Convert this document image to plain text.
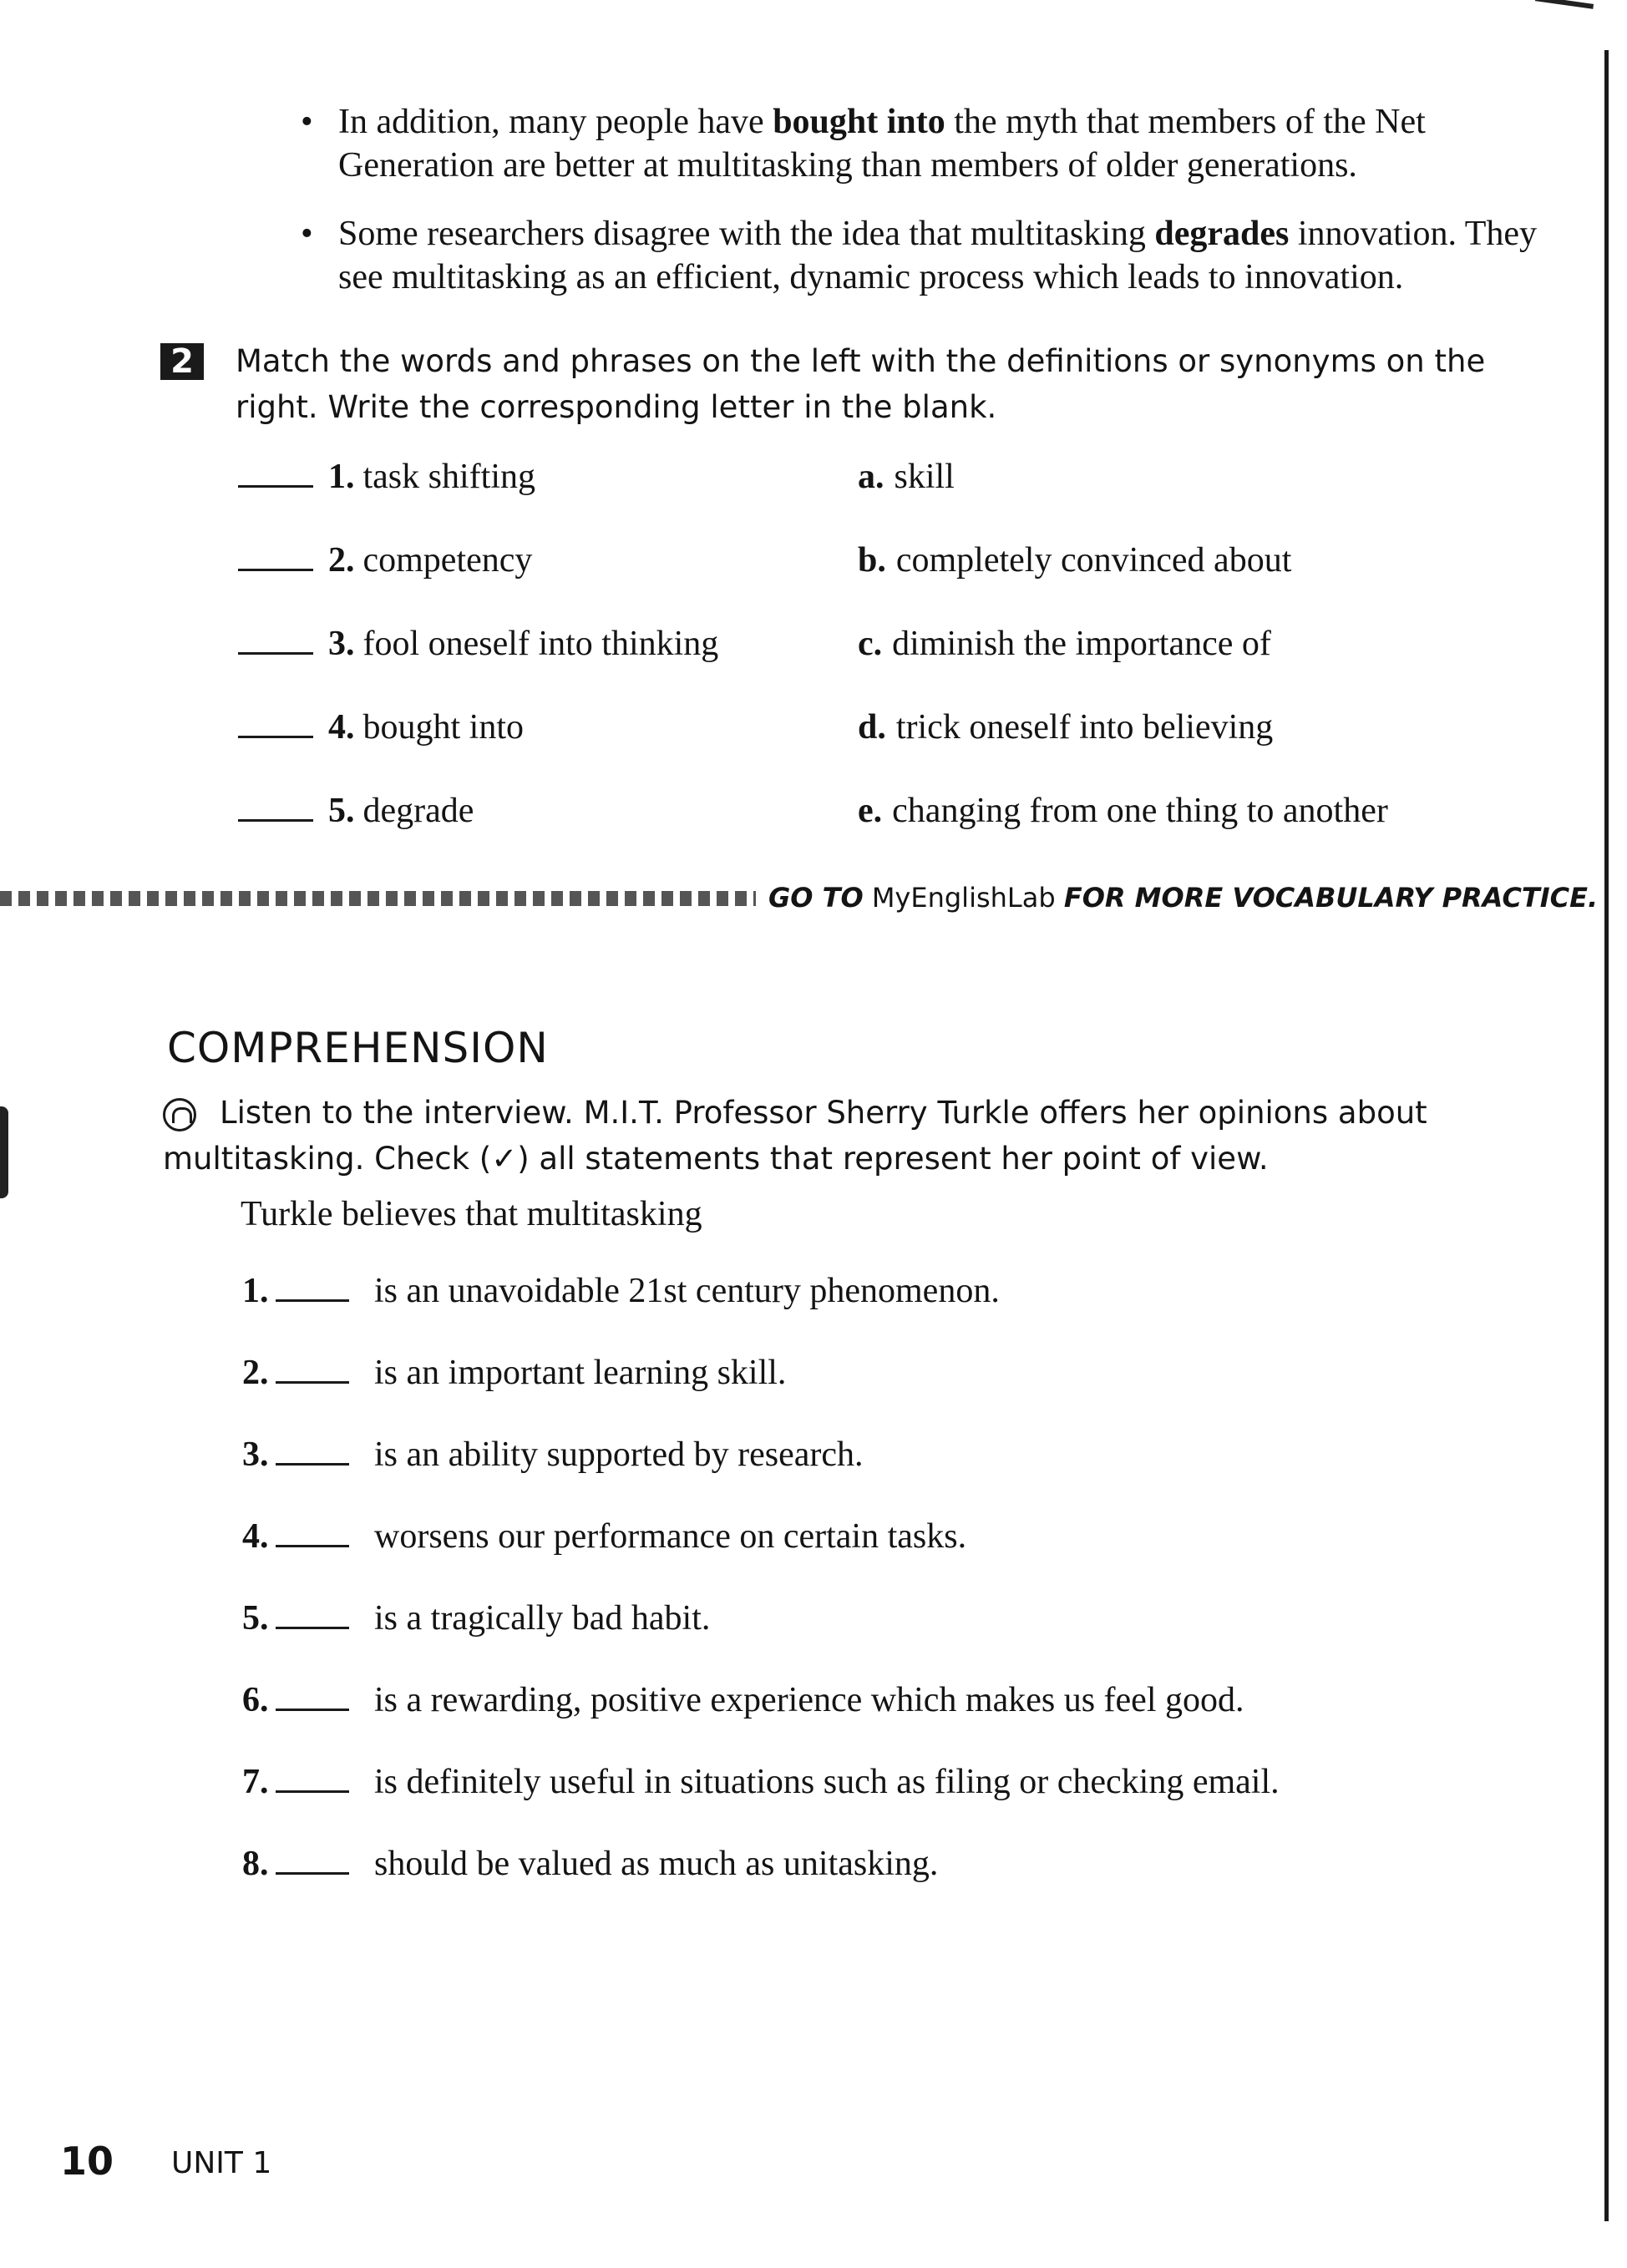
• In addition, many people have bought into the myth that members of the Net Generation are better at multitasking than members of older generations.
• Some researchers disagree with the idea that multitasking degrades innovation. They see multitasking as an efficient, dynamic process which leads to innovation.
2	Match the words and phrases on the left with the definitions or synonyms on the right. Write the corresponding letter in the blank.
1. task shifting	a. skill
2. competency	b. completely convinced about
3. fool oneself into thinking	c. diminish the importance of
4. bought into	d. trick oneself into believing
5. degrade	e. changing from one thing to another
GO TO MyEnglishLab FOR MORE VOCABULARY PRACTICE.
COMPREHENSION
Listen to the interview. M.I.T. Professor Sherry Turkle offers her opinions about multitasking. Check (✓) all statements that represent her point of view.
Turkle believes that multitasking
1.	is an unavoidable 21st century phenomenon.
2.	is an important learning skill.
3.	is an ability supported by research.
4.	worsens our performance on certain tasks.
5.	is a tragically bad habit.
6.	is a rewarding, positive experience which makes us feel good.
7.	is definitely useful in situations such as filing or checking email.
8.	should be valued as much as unitasking.
10 UNIT 1
